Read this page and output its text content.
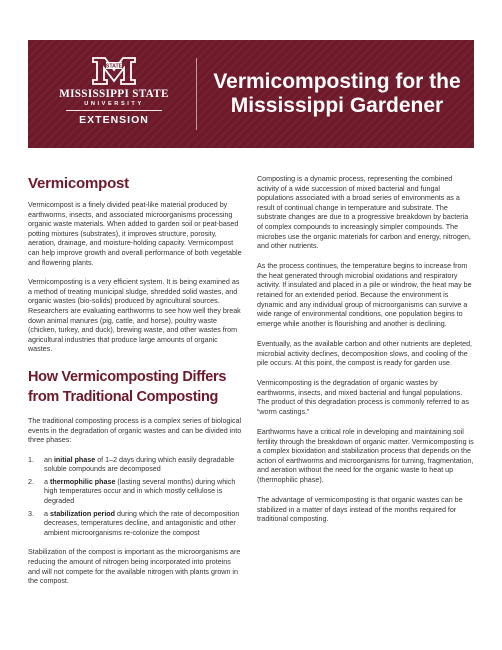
STATE
MISSISSIPPI STATE
UNIVERSITY
EXTENSION
Vermicomposting for the
Mississippi Gardener
Vermicompost

Vermicompost is a finely divided peat-like material produced by earthworms, insects, and associated microorganisms processing organic waste materials. When added to garden soil or peat-based potting mixtures (substrates), it improves structure, porosity, aeration, drainage, and moisture-holding capacity. Vermicompost can help improve growth and overall performance of both vegetable and flowering plants.

Vermicomposting is a very efficient system. It is being examined as a method of treating municipal sludge, shredded solid wastes, and organic wastes (bio-solids) produced by agricultural sources. Researchers are evaluating earthworms to see how well they break down animal manures (pig, cattle, and horse), poultry waste (chicken, turkey, and duck), brewing waste, and other wastes from agricultural industries that produce large amounts of organic wastes.

How Vermicomposting Differs
from Traditional Composting

The traditional composting process is a complex series of biological events in the degradation of organic wastes and can be divided into three phases:

1. an initial phase of 1–2 days during which easily degradable soluble compounds are decomposed
2. a thermophilic phase (lasting several months) during which high temperatures occur and in which mostly cellulose is degraded
3. a stabilization period during which the rate of decomposition decreases, temperatures decline, and antagonistic and other ambient microorganisms re-colonize the compost

Stabilization of the compost is important as the microorganisms are reducing the amount of nitrogen being incorporated into proteins and will not compete for the available nitrogen with plants grown in the compost.

Composting is a dynamic process, representing the combined activity of a wide succession of mixed bacterial and fungal populations associated with a broad series of environments as a result of continual change in temperature and substrate. The substrate changes are due to a progressive breakdown by bacteria of complex compounds to increasingly simpler compounds. The microbes use the organic materials for carbon and energy, nitrogen, and other nutrients.

As the process continues, the temperature begins to increase from the heat generated through microbial oxidations and respiratory activity. If insulated and placed in a pile or windrow, the heat may be retained for an extended period. Because the environment is dynamic and any individual group of microorganisms can survive a wide range of environmental conditions, one population begins to emerge while another is flourishing and another is declining.

Eventually, as the available carbon and other nutrients are depleted, microbial activity declines, decomposition slows, and cooling of the pile occurs. At this point, the compost is ready for garden use.

Vermicomposting is the degradation of organic wastes by earthworms, insects, and mixed bacterial and fungal populations. The product of this degradation process is commonly referred to as “worm castings.”

Earthworms have a critical role in developing and maintaining soil fertility through the breakdown of organic matter. Vermicomposting is a complex bioxidation and stabilization process that depends on the action of earthworms and microorganisms for turning, fragmentation, and aeration without the need for the organic waste to heat up (thermophilic phase).

The advantage of vermicomposting is that organic wastes can be stabilized in a matter of days instead of the months required for traditional composting.
